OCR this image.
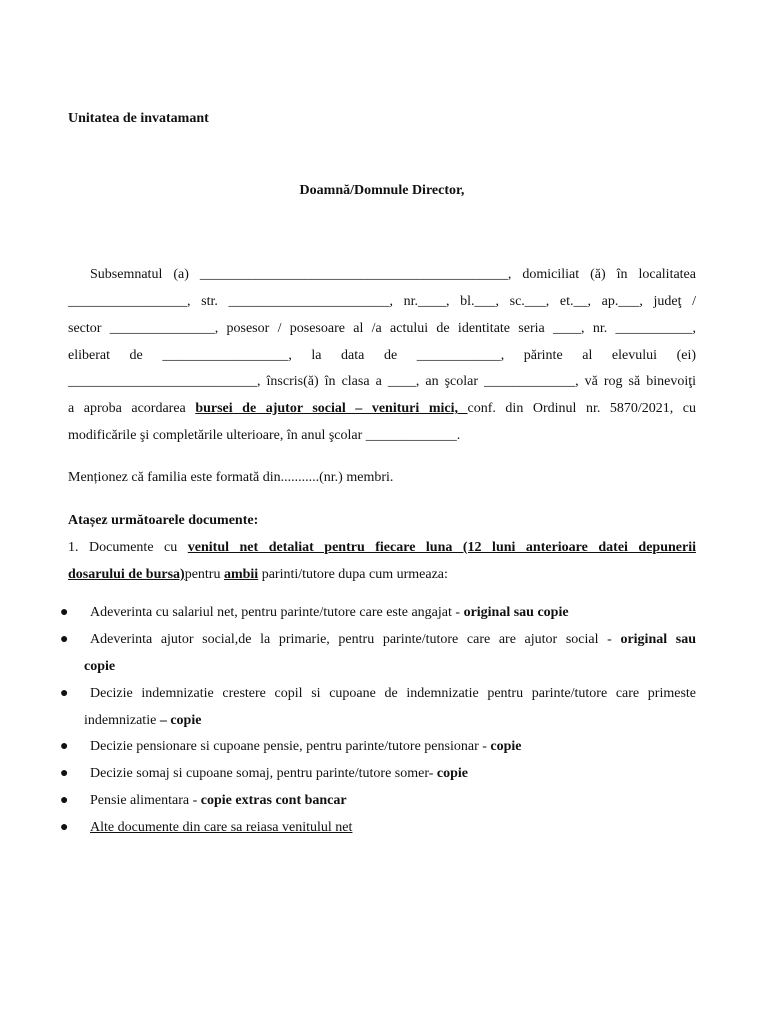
Unitatea de invatamant
Doamnă/Domnule Director,
Subsemnatul (a) ____________________________________________, domiciliat (ă) în localitatea
_________________, str. _______________________, nr.____, bl.___, sc.___, et.__, ap.___, judeţ /
sector _______________, posesor / posesoare al /a actului de identitate seria ____, nr. ___________,
eliberat de __________________, la data de ____________, părinte al elevului (ei)
___________________________, înscris(ă) în clasa a ____, an şcolar _____________, vă rog să binevoiţi
a aproba acordarea bursei de ajutor social – venituri mici, conf. din Ordinul nr. 5870/2021, cu
modificările şi completările ulterioare, în anul şcolar _____________.
Menționez că familia este formată din...........(nr.) membri.
Atașez următoarele documente:
1. Documente cu venitul net detaliat pentru fiecare luna (12 luni anterioare datei depunerii
dosarului de bursa)pentru ambii parinti/tutore dupa cum urmeaza:
● Adeverinta cu salariul net, pentru parinte/tutore care este angajat - original sau copie
● Adeverinta ajutor social,de la primarie, pentru parinte/tutore care are ajutor social - original sau
copie
● Decizie indemnizatie crestere copil si cupoane de indemnizatie pentru parinte/tutore care primeste
indemnizatie – copie
● Decizie pensionare si cupoane pensie, pentru parinte/tutore pensionar - copie
● Decizie somaj si cupoane somaj, pentru parinte/tutore somer- copie
● Pensie alimentara - copie extras cont bancar
● Alte documente din care sa reiasa venitulul net
